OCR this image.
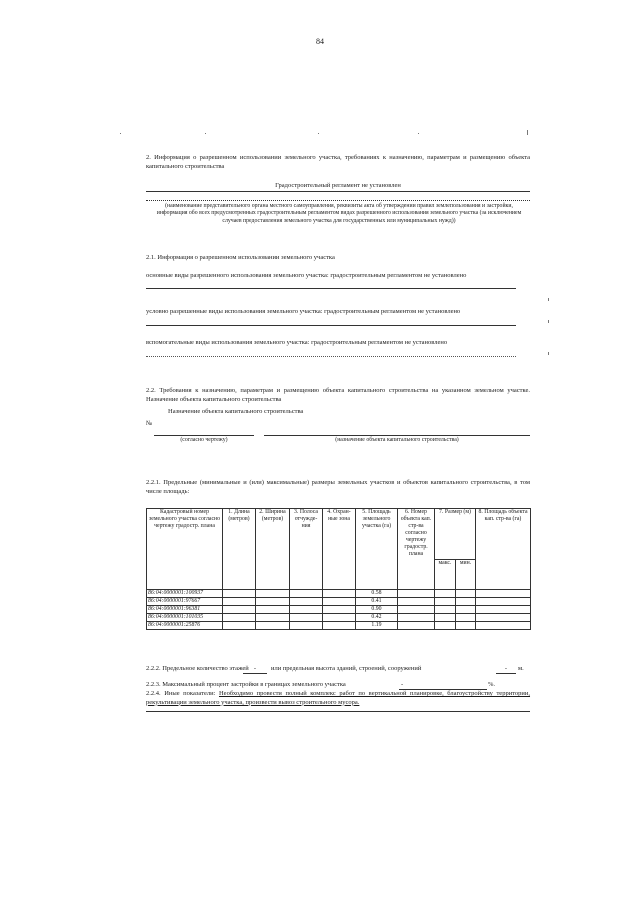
84
2. Информация о разрешенном использовании земельного участка, требованиях к назначению, параметрам и размещению объекта капитального строительства
Градостроительный регламент не установлен
(наименование представительного органа местного самоуправления, реквизиты акта об утверждении правил землепользования и застройки, информация обо всех предусмотренных градостроительным регламентом видах разрешенного использования земельного участка (за исключением случаев предоставления земельного участка для государственных или муниципальных нужд))
2.1. Информация о разрешенном использовании земельного участка
основные виды разрешенного использования земельного участка: градостроительным регламентом не установлено
условно разрешенные виды использования земельного участка: градостроительным регламентом не установлено
вспомогательные виды использования земельного участка: градостроительным регламентом не установлено
2.2. Требования к назначению, параметрам и размещению объекта капитального строительства на указанном земельном участке. Назначение объекта капитального строительства
Назначение объекта капитального строительства
№
(согласно чертежу)	(назначение объекта капитального строительства)
2.2.1. Предельные (минимальные и (или) максимальные) размеры земельных участков и объектов капитального строительства, в том числе площадь:
Кадастровый номер земельного участка согласно чертежу градостр. плана	1. Длина (метров)	2. Ширина (метров)	3. Полоса отчужде-ния	4. Охран-ные зона	5. Площадь земельного участка (га)	6. Номер объекта кап. стр-ва согласно чертежу градостр. плана	7. Размер (м)		8. Площадь объекта кап. стр-ва (га)
							макс.	мин.	
86:04:0000001:100937					0.58				
86:04:0000001:97667					0.41				
86:04:0000001:96381					0.90				
86:04:0000001:101035					0.42				
86:04:0000001:25876					1.19				
2.2.2. Предельное количество этажей -	или предельная высота зданий, строений, сооружений	-	м.
2.2.3. Максимальный процент застройки в границах земельного участка	-	%.
2.2.4. Иные показатели: Необходимо провести полный комплекс работ по вертикальной планировке, благоустройству территории, рекультивации земельного участка, произвести вывоз строительного мусора.
